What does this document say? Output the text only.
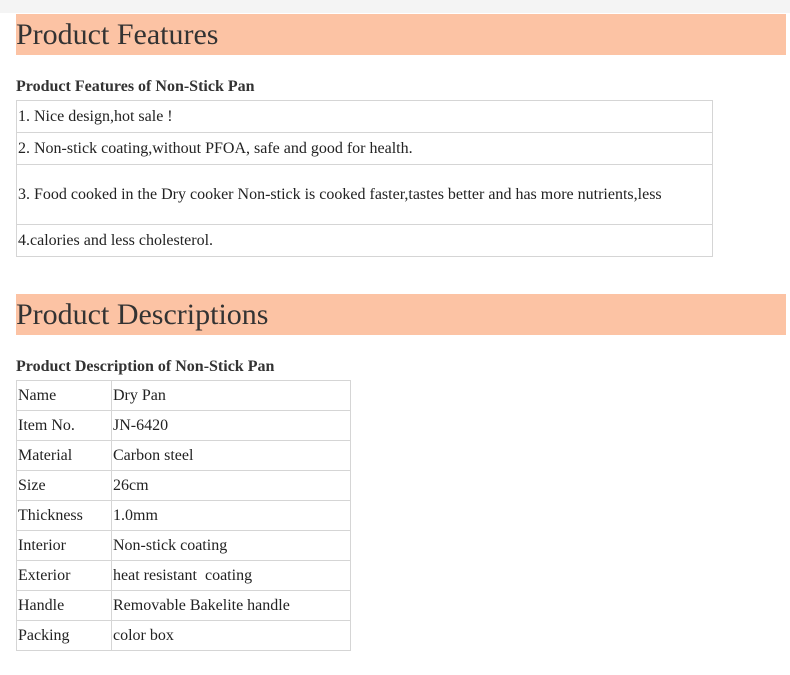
Product Features
Product Features of Non-Stick Pan
1. Nice design,hot sale !
2. Non-stick coating,without PFOA, safe and good for health.
3. Food cooked in the Dry cooker Non-stick is cooked faster,tastes better and has more nutrients,less
4.calories and less cholesterol.
Product Descriptions
Product Description of Non-Stick Pan
Name	Dry Pan
Item No.	JN-6420
Material	Carbon steel
Size	26cm
Thickness	1.0mm
Interior	Non-stick coating
Exterior	heat resistant  coating
Handle	Removable Bakelite handle
Packing	color box
